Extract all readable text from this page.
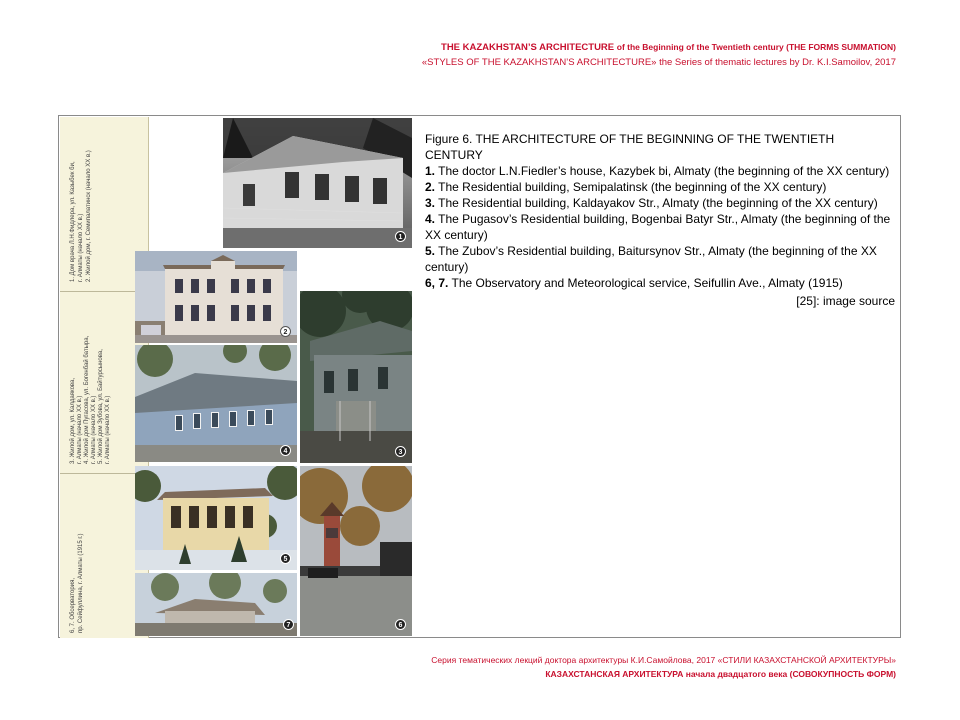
THE KAZAKHSTAN’S ARCHITECTURE of the Beginning of the Twentieth century (THE FORMS SUMMATION)
«STYLES OF THE KAZAKHSTAN’S ARCHITECTURE» the Series of thematic lectures by Dr. K.I.Samoilov, 2017
1. Дом врача Л.Н.Фидлера, ул. Казыбек би, г. Алматы (начало XX в.) 2. Жилой дом, г. Семипалатинск (начало XX в.)
3. Жилой дом, ул. Калдаякова, г. Алматы (начало XX в.) 4. Жилой дом Пугасова, ул. Богенбай батыра, г. Алматы (начало XX в.) 5. Жилой дом Зубова, ул. Байтурсынова, г. Алматы (начало XX в.)
6, 7. Обсерватория, пр. Сейфуллина, г. Алматы (1915 г.)
1
2
4	3
5
7	6

Figure 6. THE ARCHITECTURE OF THE BEGINNING OF THE TWENTIETH CENTURY

1. The doctor L.N.Fiedler’s house, Kazybek bi, Almaty (the beginning of the XX century)

2. The Residential building, Semipalatinsk (the beginning of the XX century)

3. The Residential building, Kaldayakov Str., Almaty (the beginning of the XX century)

4. The Pugasov’s Residential building, Bogenbai Batyr Str., Almaty (the beginning of the XX century)

5. The Zubov’s Residential building, Baitursynov Str., Almaty (the beginning of the XX century)

6, 7. The Observatory and Meteorological service, Seifullin Ave., Almaty (1915)

[25]: image source

Серия тематических лекций доктора архитектуры К.И.Самойлова, 2017 «СТИЛИ КАЗАХСТАНСКОЙ АРХИТЕКТУРЫ»
КАЗАХСТАНСКАЯ АРХИТЕКТУРА начала двадцатого века (СОВОКУПНОСТЬ ФОРМ)
